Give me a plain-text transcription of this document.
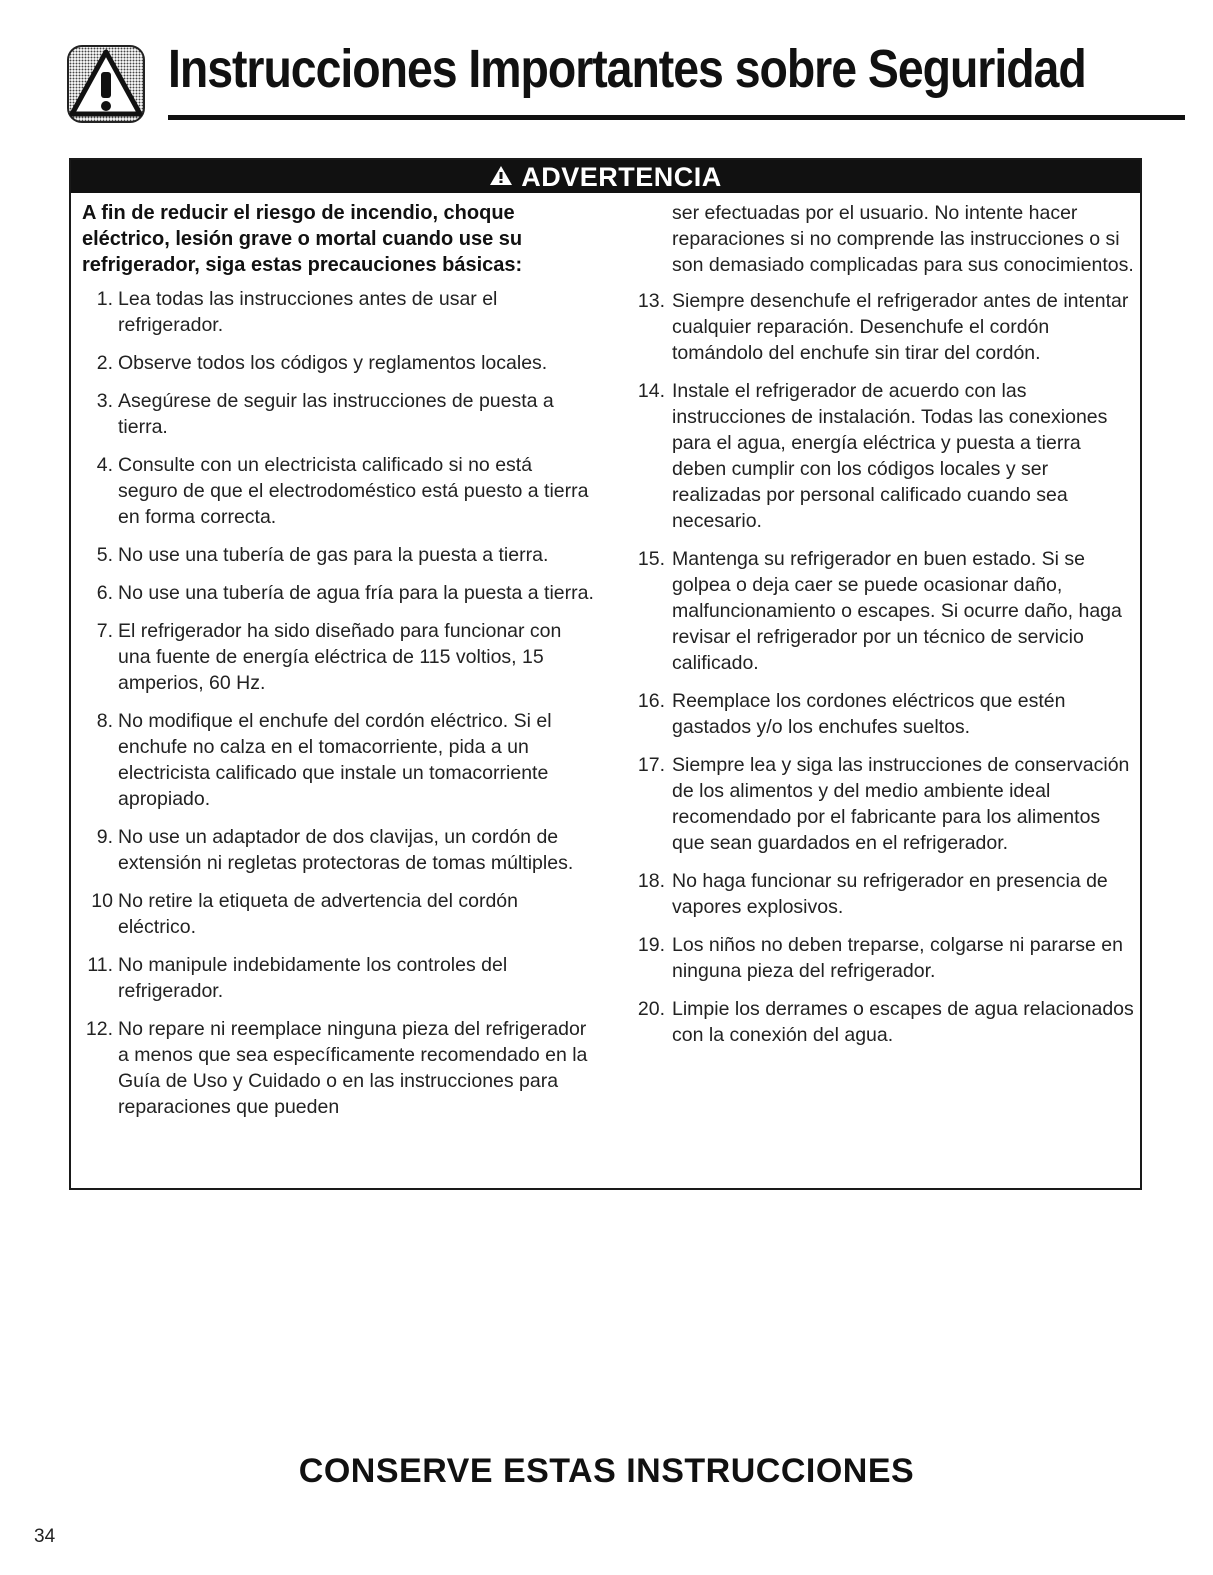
Instrucciones Importantes sobre Seguridad
ADVERTENCIA

A fin de reducir el riesgo de incendio, choque eléctrico, lesión grave o mortal cuando use su refrigerador, siga estas precauciones básicas:

1. Lea todas las instrucciones antes de usar el refrigerador.
2. Observe todos los códigos y reglamentos locales.
3. Asegúrese de seguir las instrucciones de puesta a tierra.
4. Consulte con un electricista calificado si no está seguro de que el electrodoméstico está puesto a tierra en forma correcta.
5. No use una tubería de gas para la puesta a tierra.
6. No use una tubería de agua fría para la puesta a tierra.
7. El refrigerador ha sido diseñado para funcionar con una fuente de energía eléctrica de 115 voltios, 15 amperios, 60 Hz.
8. No modifique el enchufe del cordón eléctrico. Si el enchufe no calza en el tomacorriente, pida a un electricista calificado que instale un tomacorriente apropiado.
9. No use un adaptador de dos clavijas, un cordón de extensión ni regletas protectoras de tomas múltiples.
10 No retire la etiqueta de advertencia del cordón eléctrico.
11. No manipule indebidamente los controles del refrigerador.
12. No repare ni reemplace ninguna pieza del refrigerador a menos que sea específicamente recomendado en la Guía de Uso y Cuidado o en las instrucciones para reparaciones que pueden

ser efectuadas por el usuario. No intente hacer reparaciones si no comprende las instrucciones o si son demasiado complicadas para sus conocimientos.

13. Siempre desenchufe el refrigerador antes de intentar cualquier reparación. Desenchufe el cordón tomándolo del enchufe sin tirar del cordón.
14. Instale el refrigerador de acuerdo con las instrucciones de instalación. Todas las conexiones para el agua, energía eléctrica y puesta a tierra deben cumplir con los códigos locales y ser realizadas por personal calificado cuando sea necesario.
15. Mantenga su refrigerador en buen estado. Si se golpea o deja caer se puede ocasionar daño, malfuncionamiento o escapes. Si ocurre daño, haga revisar el refrigerador por un técnico de servicio calificado.
16. Reemplace los cordones eléctricos que estén gastados y/o los enchufes sueltos.
17. Siempre lea y siga las instrucciones de conservación de los alimentos y del medio ambiente ideal recomendado por el fabricante para los alimentos que sean guardados en el refrigerador.
18. No haga funcionar su refrigerador en presencia de vapores explosivos.
19. Los niños no deben treparse, colgarse ni pararse en ninguna pieza del refrigerador.
20. Limpie los derrames o escapes de agua relacionados con la conexión del agua.
CONSERVE ESTAS INSTRUCCIONES
34
